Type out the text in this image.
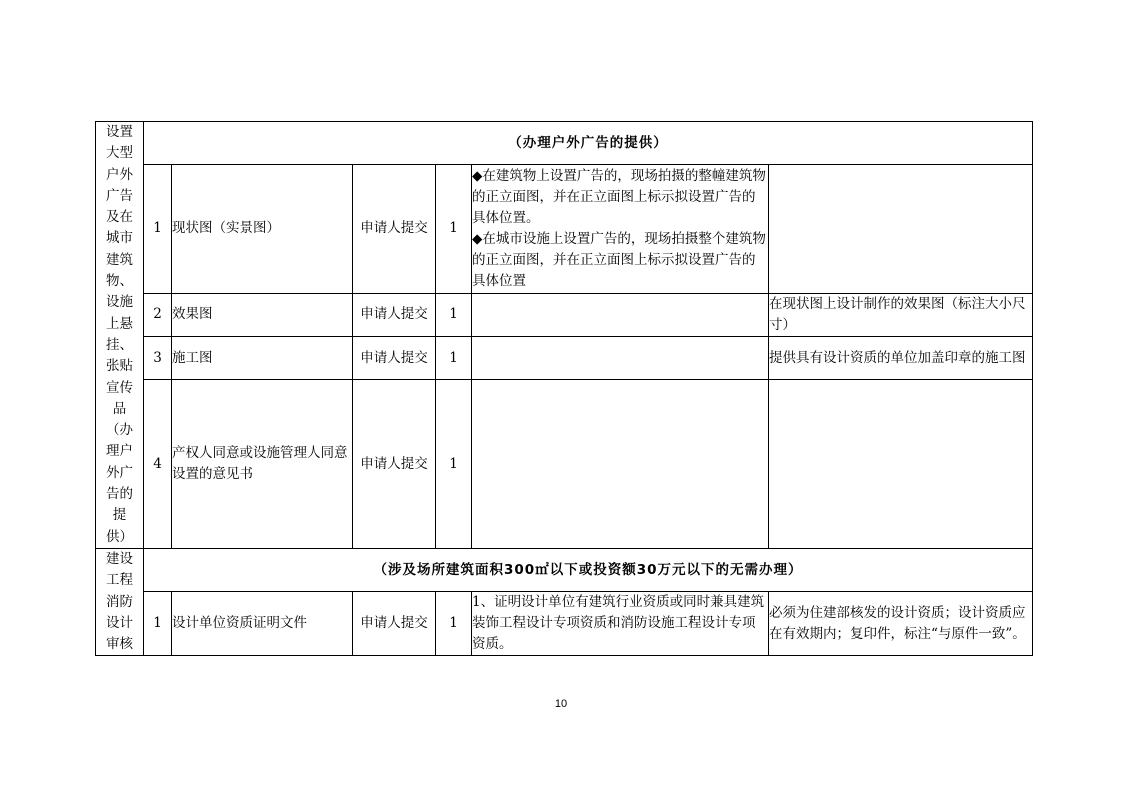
设置大型户外广告及在城市建筑物、设施上悬挂、张贴宣传品（办理户外广告的提供）	（办理户外广告的提供）					
	1	现状图（实景图）	申请人提交	1	◆在建筑物上设置广告的，现场拍摄的整幢建筑物的正立面图，并在正立面图上标示拟设置广告的具体位置。
◆在城市设施上设置广告的，现场拍摄整个建筑物的正立面图，并在正立面图上标示拟设置广告的具体位置	

	2	效果图	申请人提交	1		在现状图上设计制作的效果图（标注大小尺寸）
	3	施工图	申请人提交	1		提供具有设计资质的单位加盖印章的施工图
	4	产权人同意或设施管理人同意设置的意见书	申请人提交	1		
建设工程消防设计审核	（涉及场所建筑面积300㎡以下或投资额30万元以下的无需办理）					
	1	设计单位资质证明文件	申请人提交	1	1、证明设计单位有建筑行业资质或同时兼具建筑装饰工程设计专项资质和消防设施工程设计专项资质。	必须为住建部核发的设计资质；设计资质应在有效期内；复印件，标注“与原件一致”。
10
